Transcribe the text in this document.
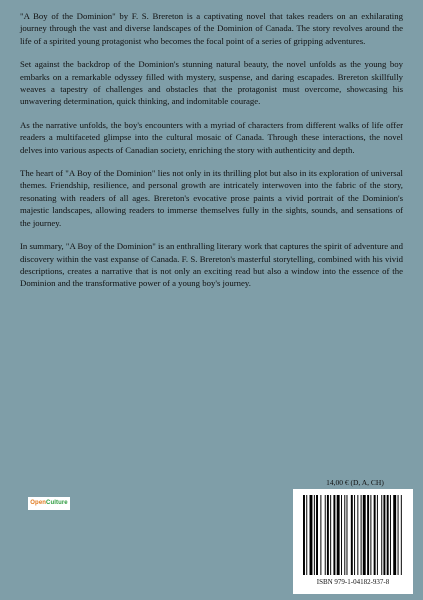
"A Boy of the Dominion" by F. S. Brereton is a captivating novel that takes readers on an exhilarating journey through the vast and diverse landscapes of the Dominion of Canada. The story revolves around the life of a spirited young protagonist who becomes the focal point of a series of gripping adventures.

Set against the backdrop of the Dominion's stunning natural beauty, the novel unfolds as the young boy embarks on a remarkable odyssey filled with mystery, suspense, and daring escapades. Brereton skillfully weaves a tapestry of challenges and obstacles that the protagonist must overcome, showcasing his unwavering determination, quick thinking, and indomitable courage.

As the narrative unfolds, the boy's encounters with a myriad of characters from different walks of life offer readers a multifaceted glimpse into the cultural mosaic of Canada. Through these interactions, the novel delves into various aspects of Canadian society, enriching the story with authenticity and depth.

The heart of "A Boy of the Dominion" lies not only in its thrilling plot but also in its exploration of universal themes. Friendship, resilience, and personal growth are intricately interwoven into the fabric of the story, resonating with readers of all ages. Brereton's evocative prose paints a vivid portrait of the Dominion's majestic landscapes, allowing readers to immerse themselves fully in the sights, sounds, and sensations of the journey.

In summary, "A Boy of the Dominion" is an enthralling literary work that captures the spirit of adventure and discovery within the vast expanse of Canada. F. S. Brereton's masterful storytelling, combined with his vivid descriptions, creates a narrative that is not only an exciting read but also a window into the essence of the Dominion and the transformative power of a young boy's journey.

OpenCulture
14,00 € (D, A, CH)
ISBN 979-1-04182-937-8
